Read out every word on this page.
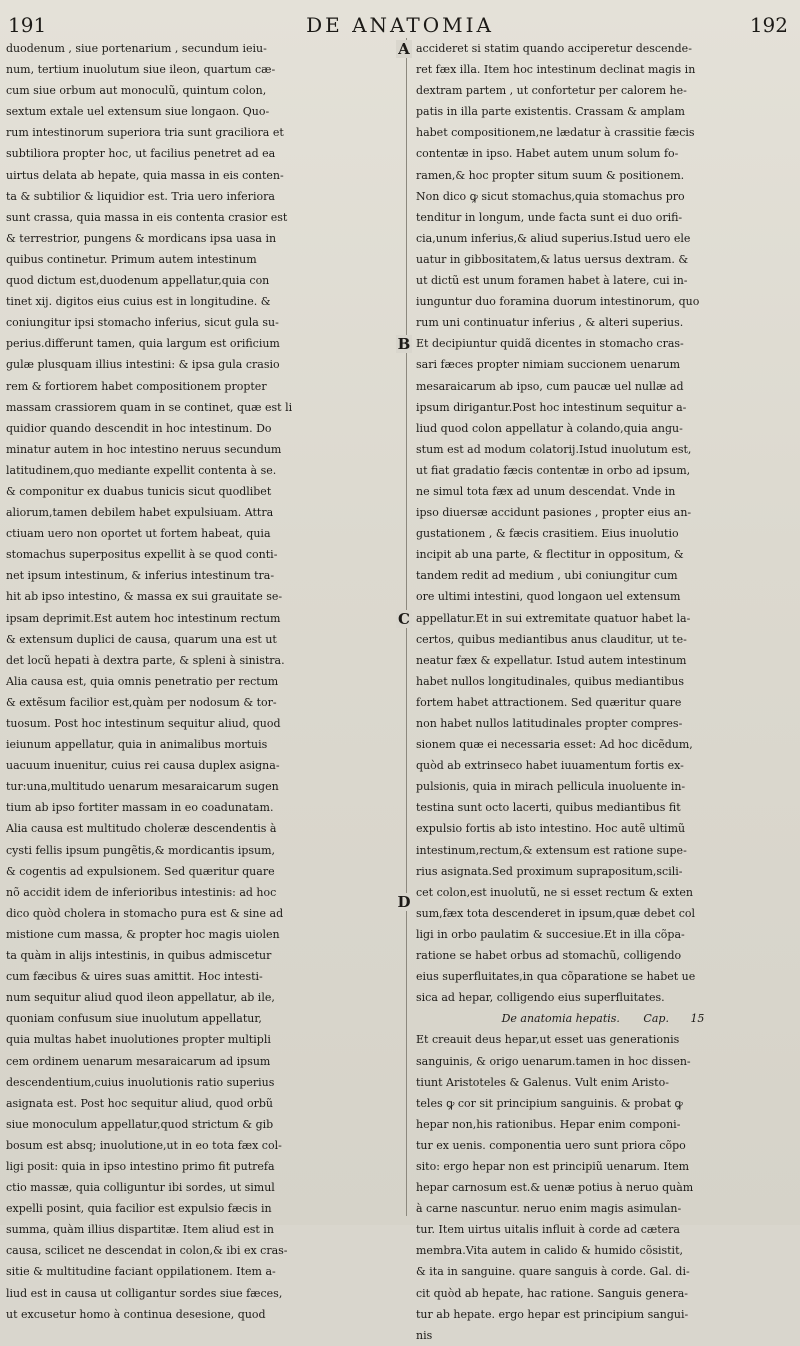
191	DE ANATOMIA	192
duodenum , siue portenarium , secundum ieiu-
num, tertium inuolutum siue ileon, quartum cæ-
cum siue orbum aut monoculũ, quintum colon,
sextum extale uel extensum siue longaon. Quo-
rum intestinorum superiora tria sunt graciliora et
subtiliora propter hoc, ut facilius penetret ad ea
uirtus delata ab hepate, quia massa in eis conten-
ta & subtilior & liquidior est. Tria uero inferiora
sunt crassa, quia massa in eis contenta crasior est
& terrestrior, pungens & mordicans ipsa uasa in
quibus continetur. Primum autem intestinum
quod dictum est,duodenum appellatur,quia con
tinet xij. digitos eius cuius est in longitudine. &
coniungitur ipsi stomacho inferius, sicut gula su-
perius.differunt tamen, quia largum est orificium
gulæ plusquam illius intestini: & ipsa gula crasio
rem & fortiorem habet compositionem propter
massam crassiorem quam in se continet, quæ est li
quidior quando descendit in hoc intestinum. Do
minatur autem in hoc intestino neruus secundum
latitudinem,quo mediante expellit contenta à se.
& componitur ex duabus tunicis sicut quodlibet
aliorum,tamen debilem habet expulsiuam. Attra
ctiuam uero non oportet ut fortem habeat, quia
stomachus superpositus expellit à se quod conti-
net ipsum intestinum, & inferius intestinum tra-
hit ab ipso intestino, & massa ex sui grauitate se-
ipsam deprimit.Est autem hoc intestinum rectum
& extensum duplici de causa, quarum una est ut
det locũ hepati à dextra parte, & spleni à sinistra.
Alia causa est, quia omnis penetratio per rectum
& extẽsum facilior est,quàm per nodosum & tor-
tuosum. Post hoc intestinum sequitur aliud, quod
ieiunum appellatur, quia in animalibus mortuis
uacuum inuenitur, cuius rei causa duplex asigna-
tur:una,multitudo uenarum mesaraicarum sugen
tium ab ipso fortiter massam in eo coadunatam.
Alia causa est multitudo choleræ descendentis à
cysti fellis ipsum pungẽtis,& mordicantis ipsum,
& cogentis ad expulsionem. Sed quæritur quare
nõ accidit idem de inferioribus intestinis: ad hoc
dico quòd cholera in stomacho pura est & sine ad
mistione cum massa, & propter hoc magis uiolen
ta quàm in alijs intestinis, in quibus admiscetur
cum fæcibus & uires suas amittit. Hoc intesti-
num sequitur aliud quod ileon appellatur, ab ile,
quoniam confusum siue inuolutum appellatur,
quia multas habet inuolutiones propter multipli
cem ordinem uenarum mesaraicarum ad ipsum
descendentium,cuius inuolutionis ratio superius
asignata est. Post hoc sequitur aliud, quod orbũ
siue monoculum appellatur,quod strictum & gib
bosum est absq; inuolutione,ut in eo tota fæx col-
ligi posit: quia in ipso intestino primo fit putrefa
ctio massæ, quia colliguntur ibi sordes, ut simul
expelli posint, quia facilior est expulsio fæcis in
summa, quàm illius dispartitæ. Item aliud est in
causa, scilicet ne descendat in colon,& ibi ex cras-
sitie & multitudine faciant oppilationem. Item a-
liud est in causa ut colligantur sordes siue fæces,
ut excusetur homo à continua desesione, quod
A
B
C
D
accideret si statim quando acciperetur descende-
ret fæx illa. Item hoc intestinum declinat magis in
dextram partem , ut confortetur per calorem he-
patis in illa parte existentis. Crassam & amplam
habet compositionem,ne lædatur à crassitie fæcis
contentæ in ipso. Habet autem unum solum fo-
ramen,& hoc propter situm suum & positionem.
Non dico ꝙ sicut stomachus,quia stomachus pro
tenditur in longum, unde facta sunt ei duo orifi-
cia,unum inferius,& aliud superius.Istud uero ele
uatur in gibbositatem,& latus uersus dextram. &
ut dictũ est unum foramen habet à latere, cui in-
iunguntur duo foramina duorum intestinorum, quo
rum uni continuatur inferius , & alteri superius.
Et decipiuntur quidã dicentes in stomacho cras-
sari fæces propter nimiam succionem uenarum
mesaraicarum ab ipso, cum paucæ uel nullæ ad
ipsum dirigantur.Post hoc intestinum sequitur a-
liud quod colon appellatur à colando,quia angu-
stum est ad modum colatorij.Istud inuolutum est,
ut fiat gradatio fæcis contentæ in orbo ad ipsum,
ne simul tota fæx ad unum descendat. Vnde in
ipso diuersæ accidunt pasiones , propter eius an-
gustationem , & fæcis crasitiem. Eius inuolutio
incipit ab una parte, & flectitur in oppositum, &
tandem redit ad medium , ubi coniungitur cum
ore ultimi intestini, quod longaon uel extensum
appellatur.Et in sui extremitate quatuor habet la-
certos, quibus mediantibus anus clauditur, ut te-
neatur fæx & expellatur. Istud autem intestinum
habet nullos longitudinales, quibus mediantibus
fortem habet attractionem. Sed quæritur quare
non habet nullos latitudinales propter compres-
sionem quæ ei necessaria esset: Ad hoc dicẽdum,
quòd ab extrinseco habet iuuamentum fortis ex-
pulsionis, quia in mirach pellicula inuoluente in-
testina sunt octo lacerti, quibus mediantibus fit
expulsio fortis ab isto intestino. Hoc autẽ ultimũ
intestinum,rectum,& extensum est ratione supe-
rius asignata.Sed proximum suprapositum,scili-
cet colon,est inuolutũ, ne si esset rectum & exten
sum,fæx tota descenderet in ipsum,quæ debet col
ligi in orbo paulatim & succesiue.Et in illa cõpa-
ratione se habet orbus ad stomachũ, colligendo
eius superfluitates,in qua cõparatione se habet ue
sica ad hepar, colligendo eius superfluitates.
De anatomia hepatis. Cap. 15
Et creauit deus hepar,ut esset uas generationis
sanguinis, & origo uenarum.tamen in hoc dissen-
tiunt Aristoteles & Galenus. Vult enim Aristo-
teles ꝙ cor sit principium sanguinis. & probat ꝙ
hepar non,his rationibus. Hepar enim componi-
tur ex uenis. componentia uero sunt priora cõpo
sito: ergo hepar non est principiũ uenarum. Item
hepar carnosum est.& uenæ potius à neruo quàm
à carne nascuntur. neruo enim magis asimulan-
tur. Item uirtus uitalis influit à corde ad cætera
membra.Vita autem in calido & humido cõsistit,
& ita in sanguine. quare sanguis à corde. Gal. di-
cit quòd ab hepate, hac ratione. Sanguis genera-
tur ab hepate. ergo hepar est principium sangui-
nis
